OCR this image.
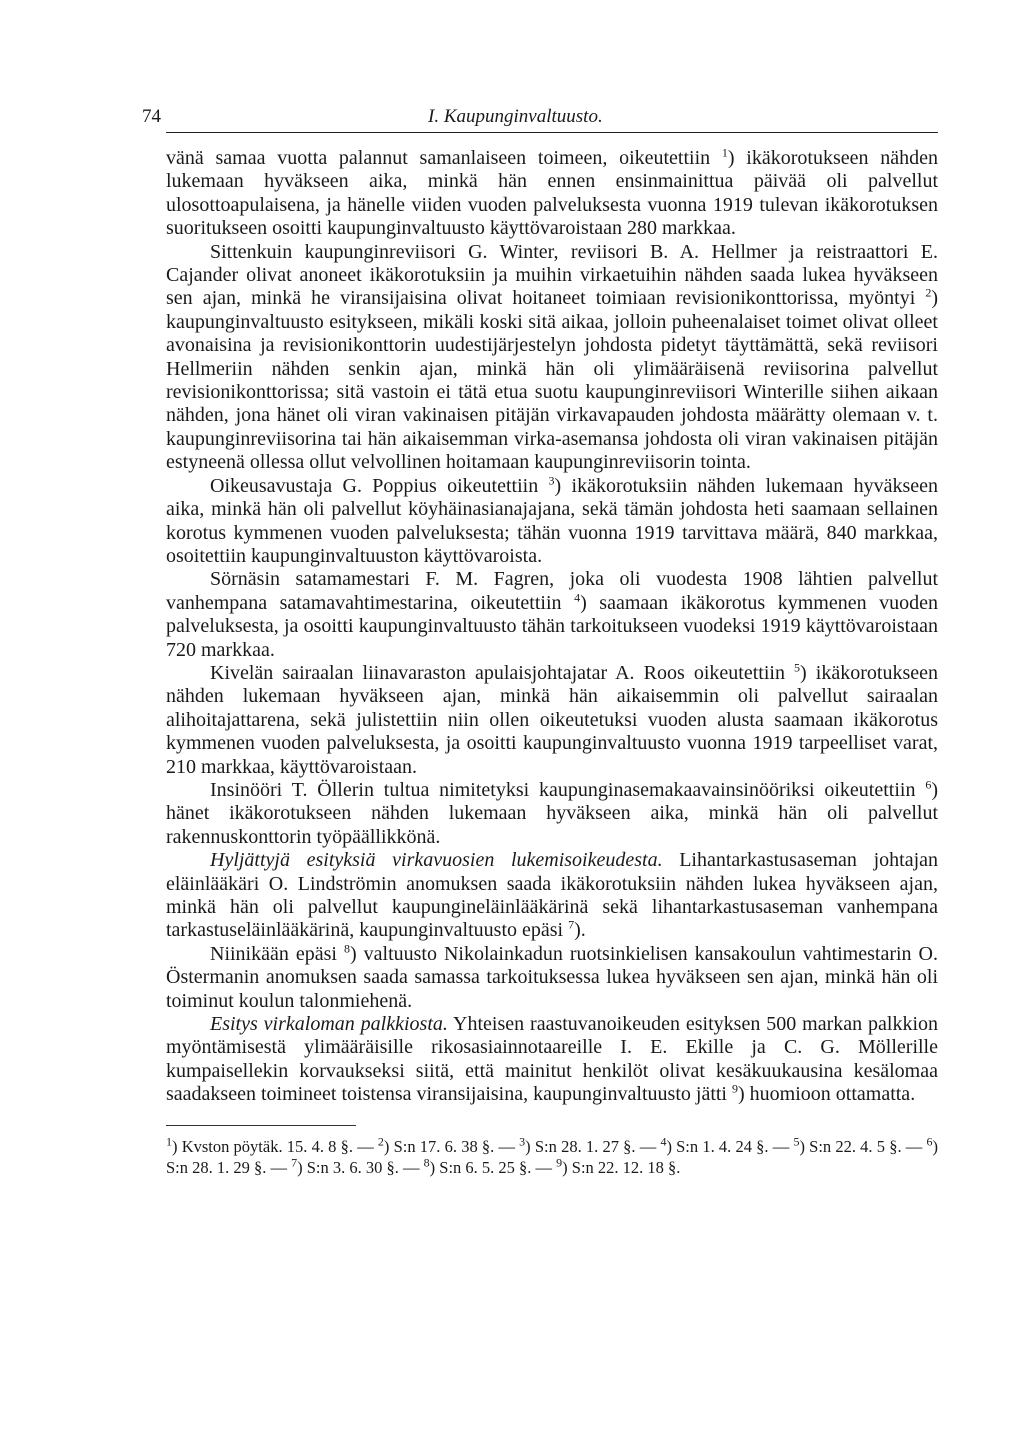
74	I. Kaupunginvaltuusto.

vänä samaa vuotta palannut samanlaiseen toimeen, oikeutettiin $^1$) ikäkorotukseen nähden lukemaan hyväkseen aika, minkä hän ennen ensinmainittua päivää oli palvellut ulosottoapulaisena, ja hänelle viiden vuoden palveluksesta vuonna 1919 tulevan ikäkorotuksen suoritukseen osoitti kaupunginvaltuusto käyttövaroistaan 280 markkaa.

Sittenkuin kaupunginreviisori G. Winter, reviisori B. A. Hellmer ja reistraattori E. Cajander olivat anoneet ikäkorotuksiin ja muihin virkaetuihin nähden saada lukea hyväkseen sen ajan, minkä he viransijaisina olivat hoitaneet toimiaan revisionikonttorissa, myöntyi $^2$) kaupunginvaltuusto esitykseen, mikäli koski sitä aikaa, jolloin puheenalaiset toimet olivat olleet avonaisina ja revisionikonttorin uudestijärjestelyn johdosta pidetyt täyttämättä, sekä reviisori Hellmeriin nähden senkin ajan, minkä hän oli ylimääräisenä reviisorina palvellut revisionikonttorissa; sitä vastoin ei tätä etua suotu kaupunginreviisori Winterille siihen aikaan nähden, jona hänet oli viran vakinaisen pitäjän virkavapauden johdosta määrätty olemaan v. t. kaupunginreviisorina tai hän aikaisemman virka-asemansa johdosta oli viran vakinaisen pitäjän estyneenä ollessa ollut velvollinen hoitamaan kaupunginreviisorin tointa.

Oikeusavustaja G. Poppius oikeutettiin $^3$) ikäkorotuksiin nähden lukemaan hyväkseen aika, minkä hän oli palvellut köyhäinasianajajana, sekä tämän johdosta heti saamaan sellainen korotus kymmenen vuoden palveluksesta; tähän vuonna 1919 tarvittava määrä, 840 markkaa, osoitettiin kaupunginvaltuuston käyttövaroista.

Sörnäsin satamamestari F. M. Fagren, joka oli vuodesta 1908 lähtien palvellut vanhempana satamavahtimestarina, oikeutettiin $^4$) saamaan ikäkorotus kymmenen vuoden palveluksesta, ja osoitti kaupunginvaltuusto tähän tarkoitukseen vuodeksi 1919 käyttövaroistaan 720 markkaa.

Kivelän sairaalan liinavaraston apulaisjohtajatar A. Roos oikeutettiin $^5$) ikäkorotukseen nähden lukemaan hyväkseen ajan, minkä hän aikaisemmin oli palvellut sairaalan alihoitajattarena, sekä julistettiin niin ollen oikeutetuksi vuoden alusta saamaan ikäkorotus kymmenen vuoden palveluksesta, ja osoitti kaupunginvaltuusto vuonna 1919 tarpeelliset varat, 210 markkaa, käyttövaroistaan.

Insinööri T. Öllerin tultua nimitetyksi kaupunginasemakaavainsinööriksi oikeutettiin $^6$) hänet ikäkorotukseen nähden lukemaan hyväkseen aika, minkä hän oli palvellut rakennuskonttorin työpäällikkönä.

Hyljättyjä esityksiä virkavuosien lukemisoikeudesta. Lihantarkastusaseman johtajan eläinlääkäri O. Lindströmin anomuksen saada ikäkorotuksiin nähden lukea hyväkseen ajan, minkä hän oli palvellut kaupungineläinlääkärinä sekä lihantarkastusaseman vanhempana tarkastuseläinlääkärinä, kaupunginvaltuusto epäsi $^7$).

Niinikään epäsi $^8$) valtuusto Nikolainkadun ruotsinkielisen kansakoulun vahtimestarin O. Östermanin anomuksen saada samassa tarkoituksessa lukea hyväkseen sen ajan, minkä hän oli toiminut koulun talonmiehenä.

Esitys virkaloman palkkiosta. Yhteisen raastuvanoikeuden esityksen 500 markan palkkion myöntämisestä ylimääräisille rikosasiainnotaareille I. E. Ekille ja C. G. Möllerille kumpaisellekin korvaukseksi siitä, että mainitut henkilöt olivat kesäkuukausina kesälomaa saadakseen toimineet toistensa viransijaisina, kaupunginvaltuusto jätti $^9$) huomioon ottamatta.

$^1$) Kvston pöytäk. 15. 4. 8 §. — $^2$) S:n 17. 6. 38 §. — $^3$) S:n 28. 1. 27 §. — $^4$) S:n 1. 4. 24 §. — $^5$) S:n 22. 4. 5 §. — $^6$) S:n 28. 1. 29 §. — $^7$) S:n 3. 6. 30 §. — $^8$) S:n 6. 5. 25 §. — $^9$) S:n 22. 12. 18 §.
